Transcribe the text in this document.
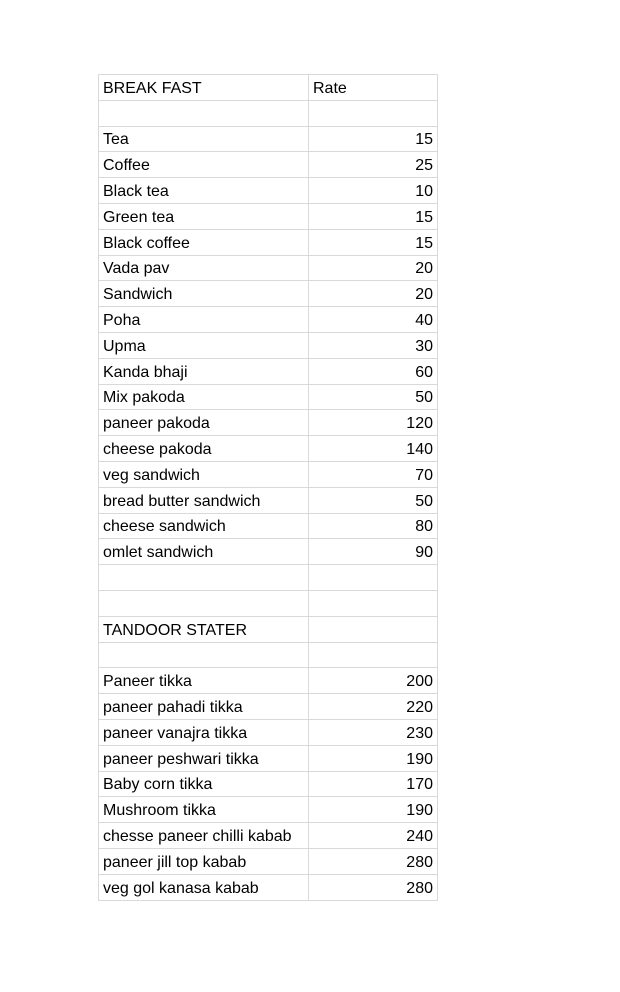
BREAK FAST	Rate

Tea	15
Coffee	25
Black tea	10
Green tea	15
Black coffee	15
Vada pav	20
Sandwich	20
Poha	40
Upma	30
Kanda bhaji	60
Mix pakoda	50
paneer pakoda	120
cheese pakoda	140
veg sandwich	70
bread butter sandwich	50
cheese sandwich	80
omlet sandwich	90

TANDOOR STATER	

Paneer tikka	200
paneer pahadi tikka	220
paneer vanajra tikka	230
paneer peshwari tikka	190
Baby corn tikka	170
Mushroom tikka	190
chesse paneer chilli kabab	240
paneer jill top kabab	280
veg gol kanasa kabab	280
